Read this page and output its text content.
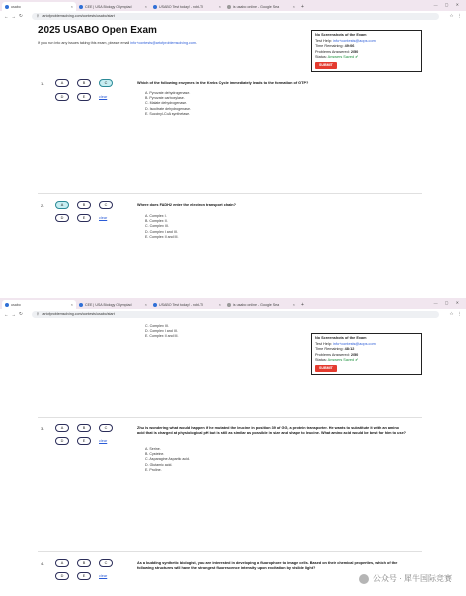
usabo	×	CEE | USA Biology Olympiad	×	USABO Test today! - robLTI	×	is usabo online - Google Sea	× +	— ▢ ✕
← → ↻	⚲ artofproblemsolving.com/contests/usabo/start	☆ ⋮
2025 USABO Open Exam
If you run into any issues taking this exam, please email info+contests@artofproblemsolving.com.
1.	A	B	C
D	E	clear
Which of the following enzymes in the Krebs Cycle immediately leads to the formation of GTP?
A. Pyruvate dehydrogenase.
B. Pyruvate carboxylase.
C. Malate dehydrogenase.
D. Isocitrate dehydrogenase.
E. Succinyl-CoA synthetase.
2.	A	B	C
D	E	clear
Where does FADH2 enter the electron transport chain?
A. Complex I.
B. Complex II.
C. Complex III.
D. Complex I and III.
E. Complex II and III.
No Screenshots of the Exam
Test Help: info+contests@aops.com
Time Remaining: 49:06
Problems Answered: 2/50
Status: Answers Saved ✔
SUBMIT
usabo	×	CEE | USA Biology Olympiad	×	USABO Test today! - robLTI	×	is usabo online - Google Sea	× +	— ▢ ✕
← → ↻	⚲ artofproblemsolving.com/contests/usabo/start	☆ ⋮
C. Complex III.
D. Complex I and III.
E. Complex II and III.
3.	A	B	C
D	E	clear
Zhu is wondering what would happen if he mutated the leucine in position 39 of GG, a protein transporter. He wants to substitute it with an amino acid that is charged at physiological pH but is still as similar as possible in size and shape to leucine. What amino acid would be best for him to use?
A. Serine.
B. Cysteine.
C. Asparagine Aspartic acid.
D. Glutamic acid.
E. Proline.
4.	A	B	C
D	E	clear
As a budding synthetic biologist, you are interested in developing a fluorophore to image cells. Based on their chemical properties, which of the following structures will have the strongest fluorescence intensity upon excitation by visible light?
No Screenshots of the Exam
Test Help: info+contests@aops.com
Time Remaining: 48:12
Problems Answered: 2/50
Status: Answers Saved ✔
SUBMIT
公众号 · 犀牛国际竞赛
